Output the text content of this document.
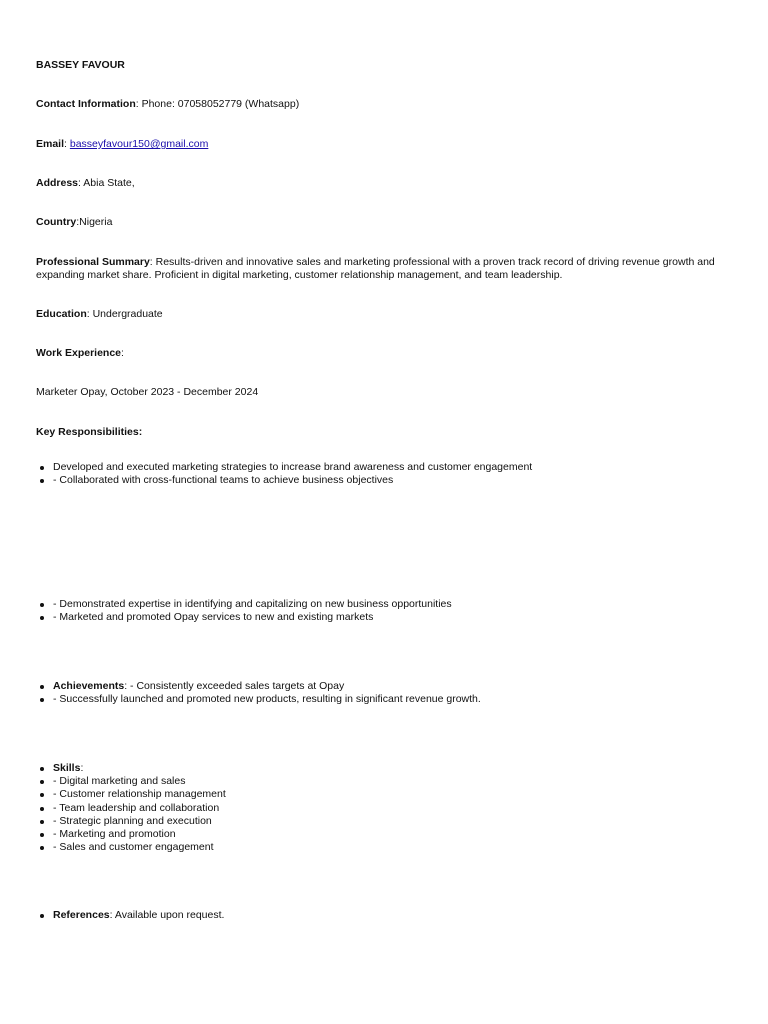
BASSEY FAVOUR

Contact Information: Phone: 07058052779 (Whatsapp)

Email: basseyfavour150@gmail.com

Address: Abia State,

Country:Nigeria

Professional Summary: Results-driven and innovative sales and marketing professional with a proven track record of driving revenue growth and expanding market share. Proficient in digital marketing, customer relationship management, and team leadership.

Education: Undergraduate

Work Experience:

Marketer Opay, October 2023 - December 2024

Key Responsibilities:

Developed and executed marketing strategies to increase brand awareness and customer engagement
- Collaborated with cross-functional teams to achieve business objectives
- Demonstrated expertise in identifying and capitalizing on new business opportunities
- Marketed and promoted Opay services to new and existing markets
Achievements: - Consistently exceeded sales targets at Opay
- Successfully launched and promoted new products, resulting in significant revenue growth.
Skills:
- Digital marketing and sales
- Customer relationship management
- Team leadership and collaboration
- Strategic planning and execution
- Marketing and promotion
- Sales and customer engagement
References: Available upon request.
